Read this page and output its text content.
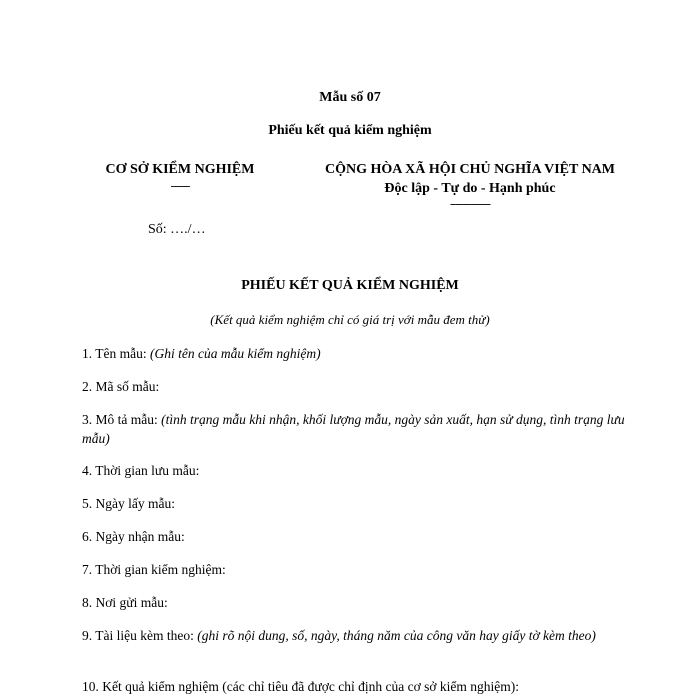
Mẫu số 07
Phiếu kết quả kiểm nghiệm
CƠ SỞ KIỂM NGHIỆM
-------
CỘNG HÒA XÃ HỘI CHỦ NGHĨA VIỆT NAM
Độc lập - Tự do - Hạnh phúc
---------------
Số: …./…
PHIẾU KẾT QUẢ KIỂM NGHIỆM
(Kết quả kiểm nghiệm chỉ có giá trị với mẫu đem thử)
1. Tên mẫu: (Ghi tên của mẫu kiểm nghiệm)
2. Mã số mẫu:
3. Mô tả mẫu: (tình trạng mẫu khi nhận, khối lượng mẫu, ngày sản xuất, hạn sử dụng, tình trạng lưu mẫu)
4. Thời gian lưu mẫu:
5. Ngày lấy mẫu:
6. Ngày nhận mẫu:
7. Thời gian kiểm nghiệm:
8. Nơi gửi mẫu:
9. Tài liệu kèm theo: (ghi rõ nội dung, số, ngày, tháng năm của công văn hay giấy tờ kèm theo)
10. Kết quả kiểm nghiệm (các chỉ tiêu đã được chỉ định của cơ sở kiểm nghiệm):
